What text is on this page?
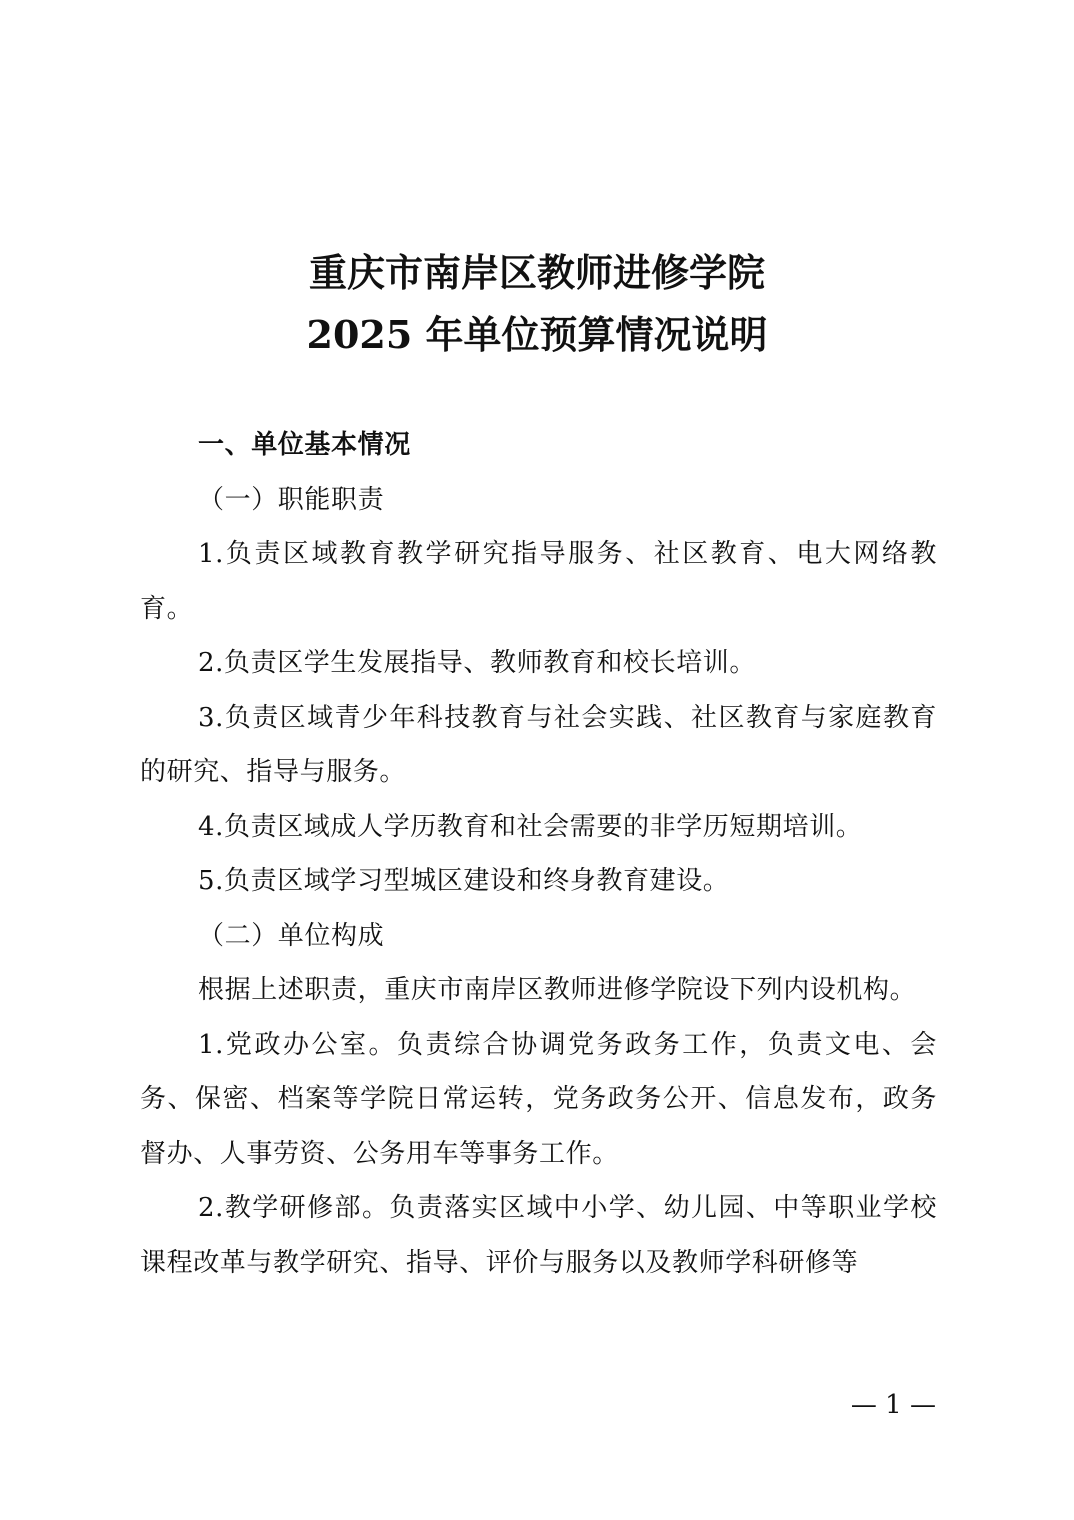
重庆市南岸区教师进修学院
2025 年单位预算情况说明

一、单位基本情况

（一）职能职责

1.负责区域教育教学研究指导服务、社区教育、电大网络教育。

2.负责区学生发展指导、教师教育和校长培训。

3.负责区域青少年科技教育与社会实践、社区教育与家庭教育的研究、指导与服务。

4.负责区域成人学历教育和社会需要的非学历短期培训。

5.负责区域学习型城区建设和终身教育建设。

（二）单位构成

根据上述职责，重庆市南岸区教师进修学院设下列内设机构。

1.党政办公室。负责综合协调党务政务工作，负责文电、会务、保密、档案等学院日常运转，党务政务公开、信息发布，政务督办、人事劳资、公务用车等事务工作。

2.教学研修部。负责落实区域中小学、幼儿园、中等职业学校课程改革与教学研究、指导、评价与服务以及教师学科研修等

— 1 —
